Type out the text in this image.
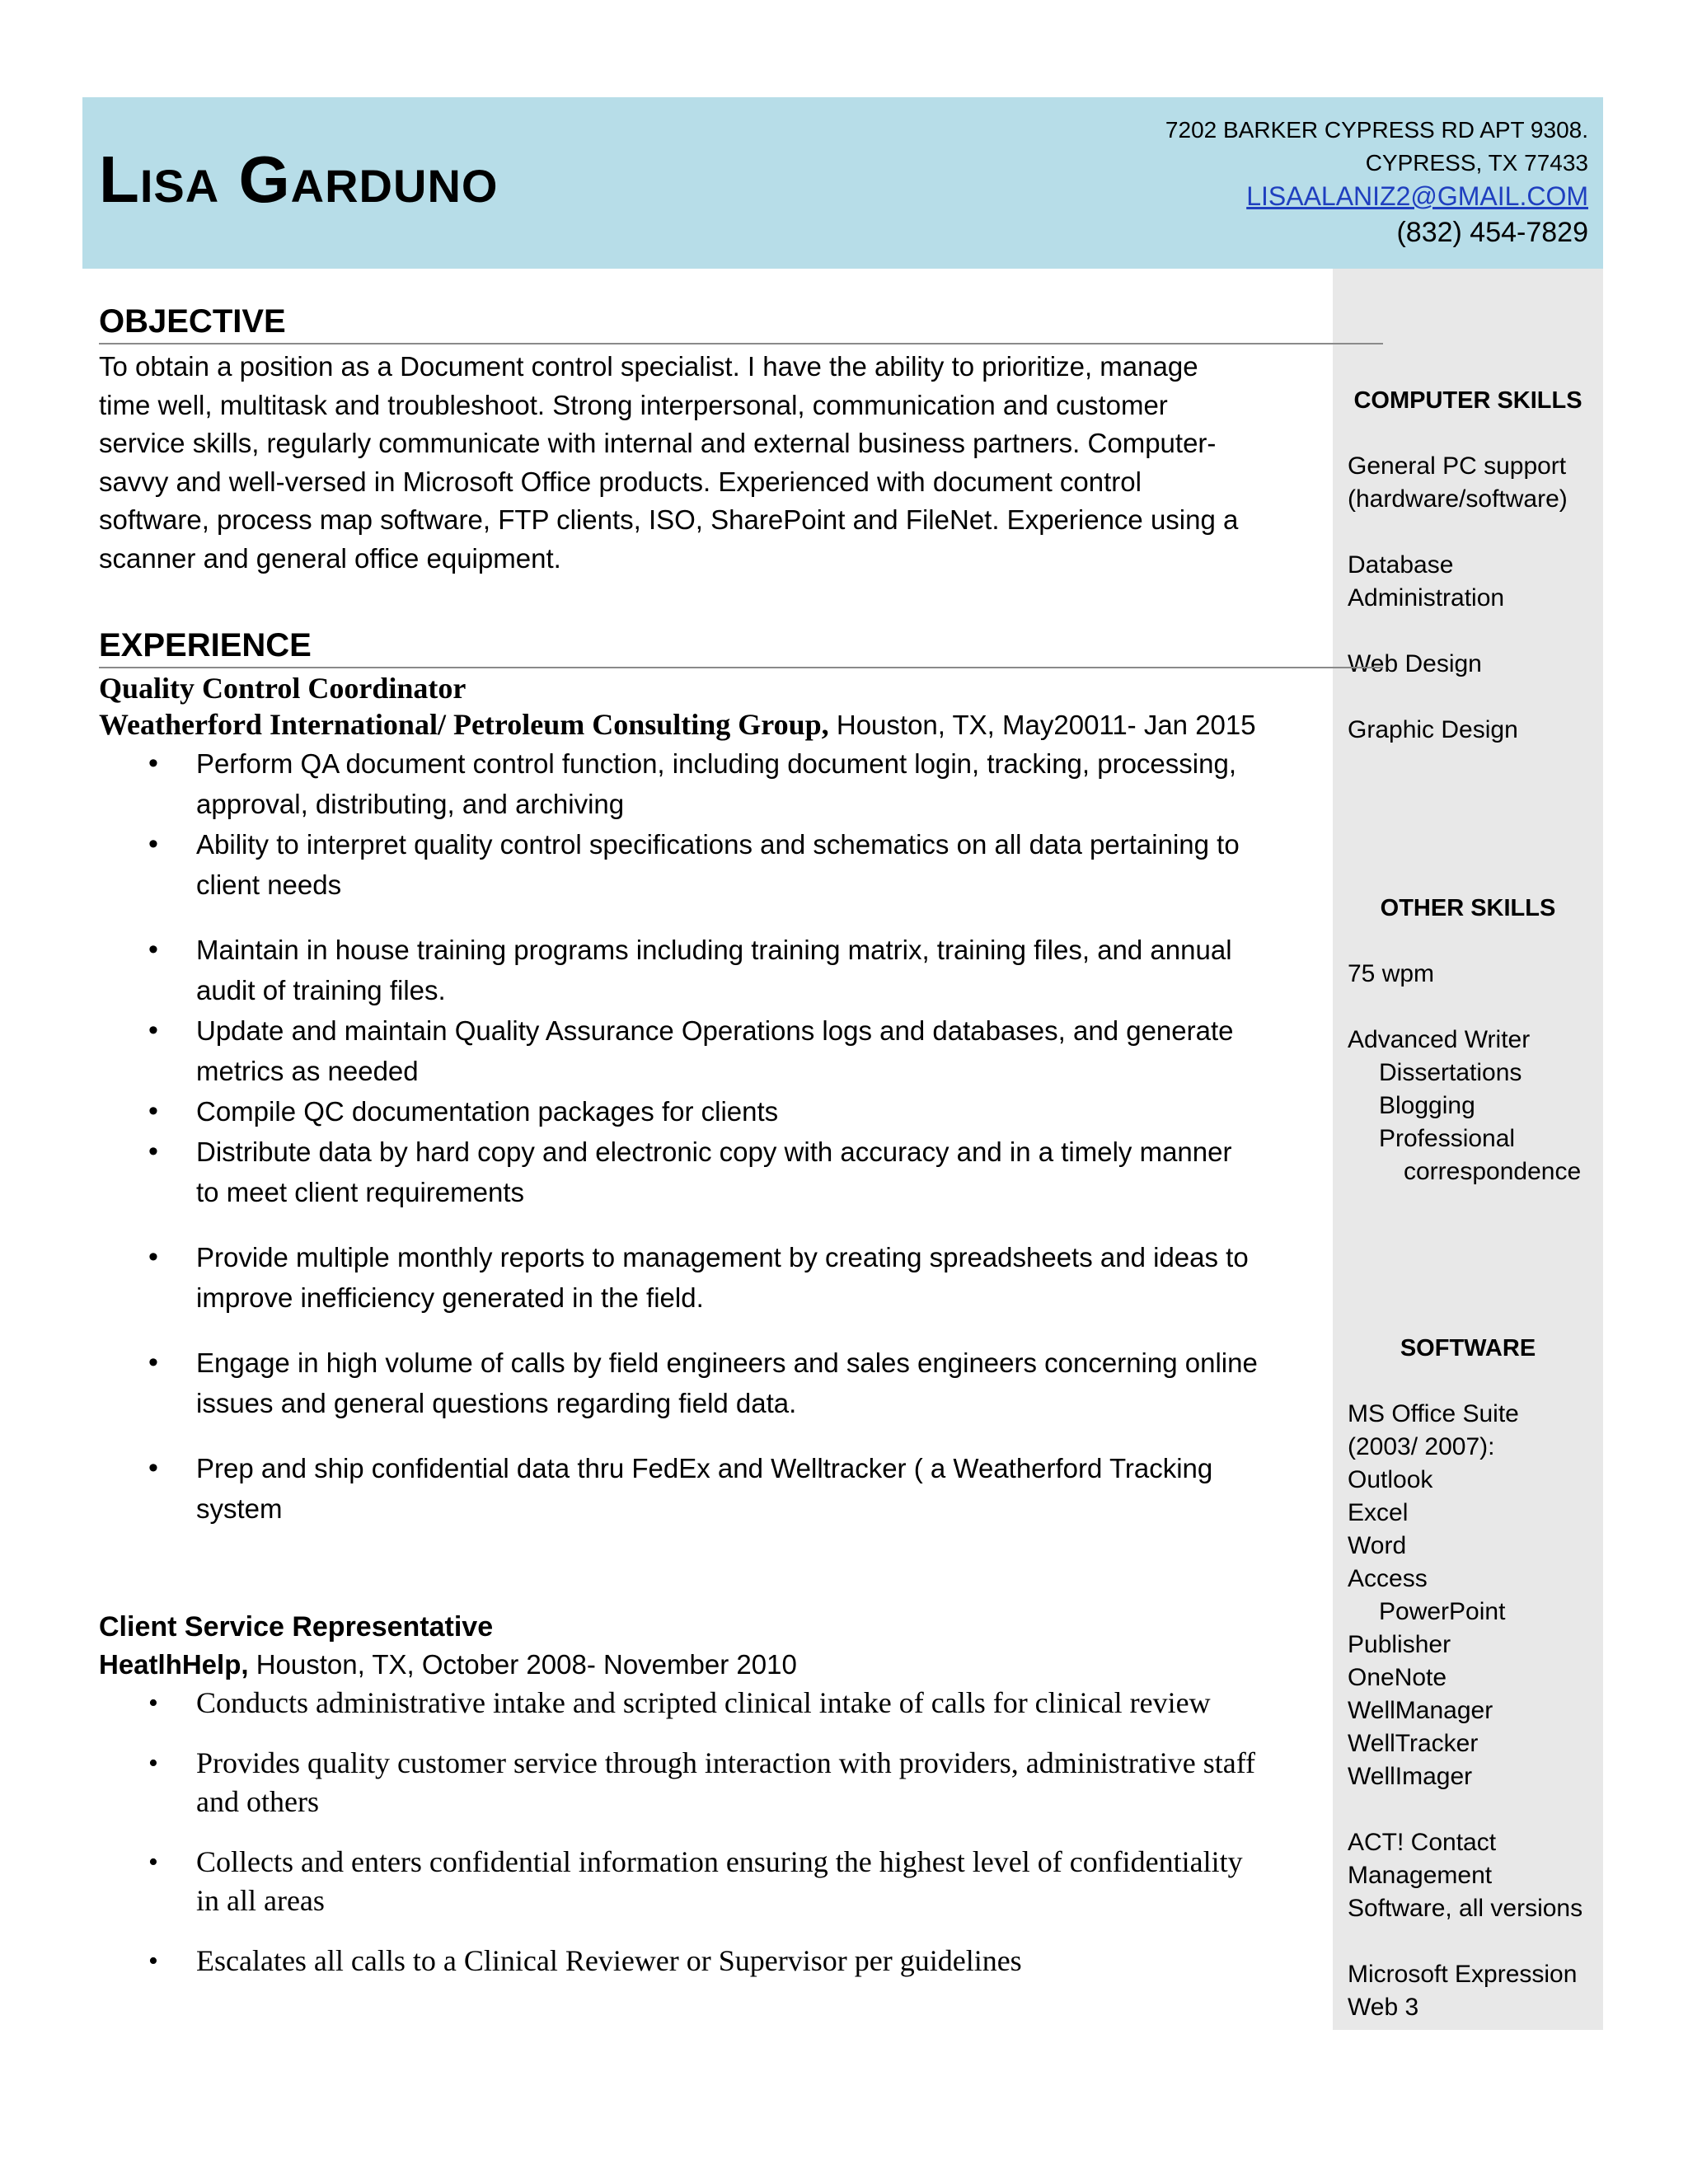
Lisa Garduno
7202 BARKER CYPRESS RD APT 9308.
CYPRESS, TX 77433
LISAALANIZ2@GMAIL.COM
(832) 454-7829
COMPUTER SKILLS
General PC support
(hardware/software)
Database
Administration
Web Design
Graphic Design
OTHER SKILLS
75 wpm
Advanced Writer
Dissertations
Blogging
Professional
correspondence
SOFTWARE
MS Office Suite
(2003/ 2007):
Outlook
Excel
Word
Access
PowerPoint
Publisher
OneNote
WellManager
WellTracker
WellImager
ACT! Contact
Management
Software, all versions
Microsoft Expression
Web 3
OBJECTIVE
To obtain a position as a Document control specialist. I have the ability to prioritize, manage
time well, multitask and troubleshoot. Strong interpersonal, communication and customer
service skills, regularly communicate with internal and external business partners. Computer-
savvy and well-versed in Microsoft Office products. Experienced with document control
software, process map software, FTP clients, ISO, SharePoint and FileNet. Experience using a
scanner and general office equipment.
EXPERIENCE
Quality Control Coordinator
Weatherford International/ Petroleum Consulting Group, Houston, TX, May20011- Jan 2015
• Perform QA document control function, including document login, tracking, processing,
approval, distributing, and archiving
• Ability to interpret quality control specifications and schematics on all data pertaining to
client needs
• Maintain in house training programs including training matrix, training files, and annual
audit of training files.
• Update and maintain Quality Assurance Operations logs and databases, and generate
metrics as needed
• Compile QC documentation packages for clients
• Distribute data by hard copy and electronic copy with accuracy and in a timely manner
to meet client requirements
• Provide multiple monthly reports to management by creating spreadsheets and ideas to
improve inefficiency generated in the field.
• Engage in high volume of calls by field engineers and sales engineers concerning online
issues and general questions regarding field data.
• Prep and ship confidential data thru FedEx and Welltracker ( a Weatherford Tracking
system
Client Service Representative
HeatlhHelp, Houston, TX, October 2008- November 2010
• Conducts administrative intake and scripted clinical intake of calls for clinical review
• Provides quality customer service through interaction with providers, administrative staff
and others
• Collects and enters confidential information ensuring the highest level of confidentiality
in all areas
• Escalates all calls to a Clinical Reviewer or Supervisor per guidelines
